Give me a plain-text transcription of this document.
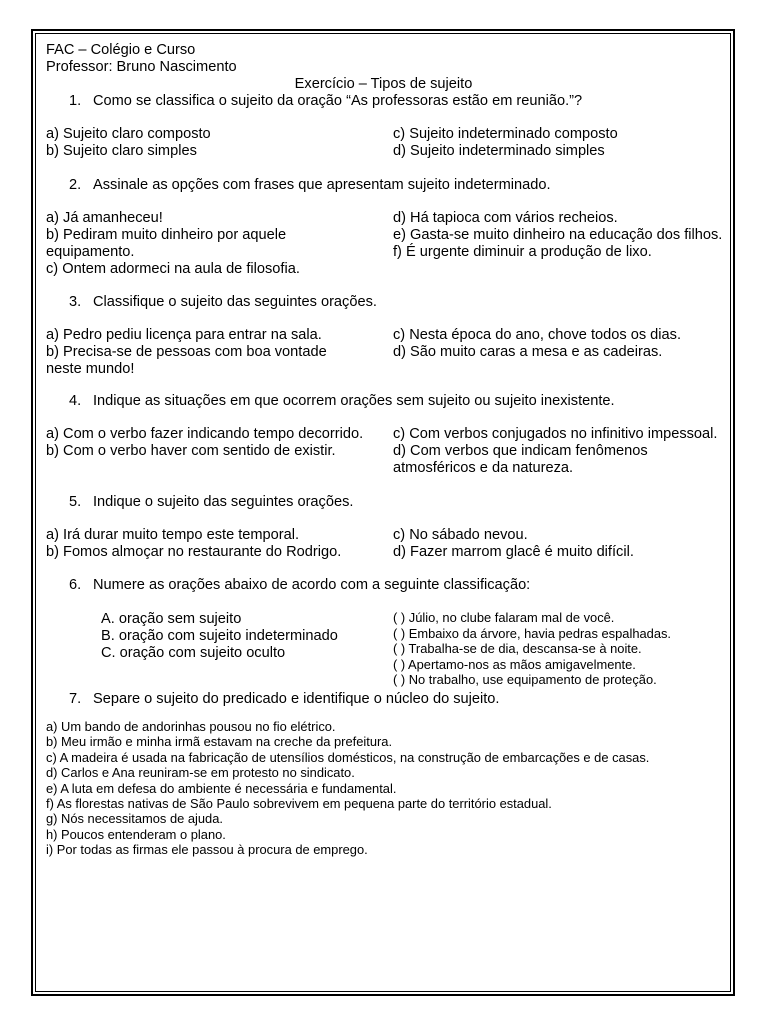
FAC – Colégio e Curso
Professor: Bruno Nascimento
Exercício – Tipos de sujeito
1. Como se classifica o sujeito da oração “As professoras estão em reunião.”?
a) Sujeito claro composto
b) Sujeito claro simples
c) Sujeito indeterminado composto
d) Sujeito indeterminado simples
2. Assinale as opções com frases que apresentam sujeito indeterminado.
a) Já amanheceu!
b) Pediram muito dinheiro por aquele equipamento.
c) Ontem adormeci na aula de filosofia.
d) Há tapioca com vários recheios.
e) Gasta-se muito dinheiro na educação dos filhos.
f) É urgente diminuir a produção de lixo.
3. Classifique o sujeito das seguintes orações.
a) Pedro pediu licença para entrar na sala.
b) Precisa-se de pessoas com boa vontade neste mundo!
c) Nesta época do ano, chove todos os dias.
d) São muito caras a mesa e as cadeiras.
4. Indique as situações em que ocorrem orações sem sujeito ou sujeito inexistente.
a) Com o verbo fazer indicando tempo decorrido.
b) Com o verbo haver com sentido de existir.
c) Com verbos conjugados no infinitivo impessoal.
d) Com verbos que indicam fenômenos atmosféricos e da natureza.
5. Indique o sujeito das seguintes orações.
a) Irá durar muito tempo este temporal.
b) Fomos almoçar no restaurante do Rodrigo.
c) No sábado nevou.
d) Fazer marrom glacê é muito difícil.
6. Numere as orações abaixo de acordo com a seguinte classificação:
A. oração sem sujeito
B. oração com sujeito indeterminado
C. oração com sujeito oculto
( ) Júlio, no clube falaram mal de você.
( ) Embaixo da árvore, havia pedras espalhadas.
( ) Trabalha-se de dia, descansa-se à noite.
( ) Apertamo-nos as mãos amigavelmente.
( ) No trabalho, use equipamento de proteção.
7. Separe o sujeito do predicado e identifique o núcleo do sujeito.
a) Um bando de andorinhas pousou no fio elétrico.
b) Meu irmão e minha irmã estavam na creche da prefeitura.
c) A madeira é usada na fabricação de utensílios domésticos, na construção de embarcações e de casas.
d) Carlos e Ana reuniram-se em protesto no sindicato.
e) A luta em defesa do ambiente é necessária e fundamental.
f) As florestas nativas de São Paulo sobrevivem em pequena parte do território estadual.
g) Nós necessitamos de ajuda.
h) Poucos entenderam o plano.
i) Por todas as firmas ele passou à procura de emprego.
